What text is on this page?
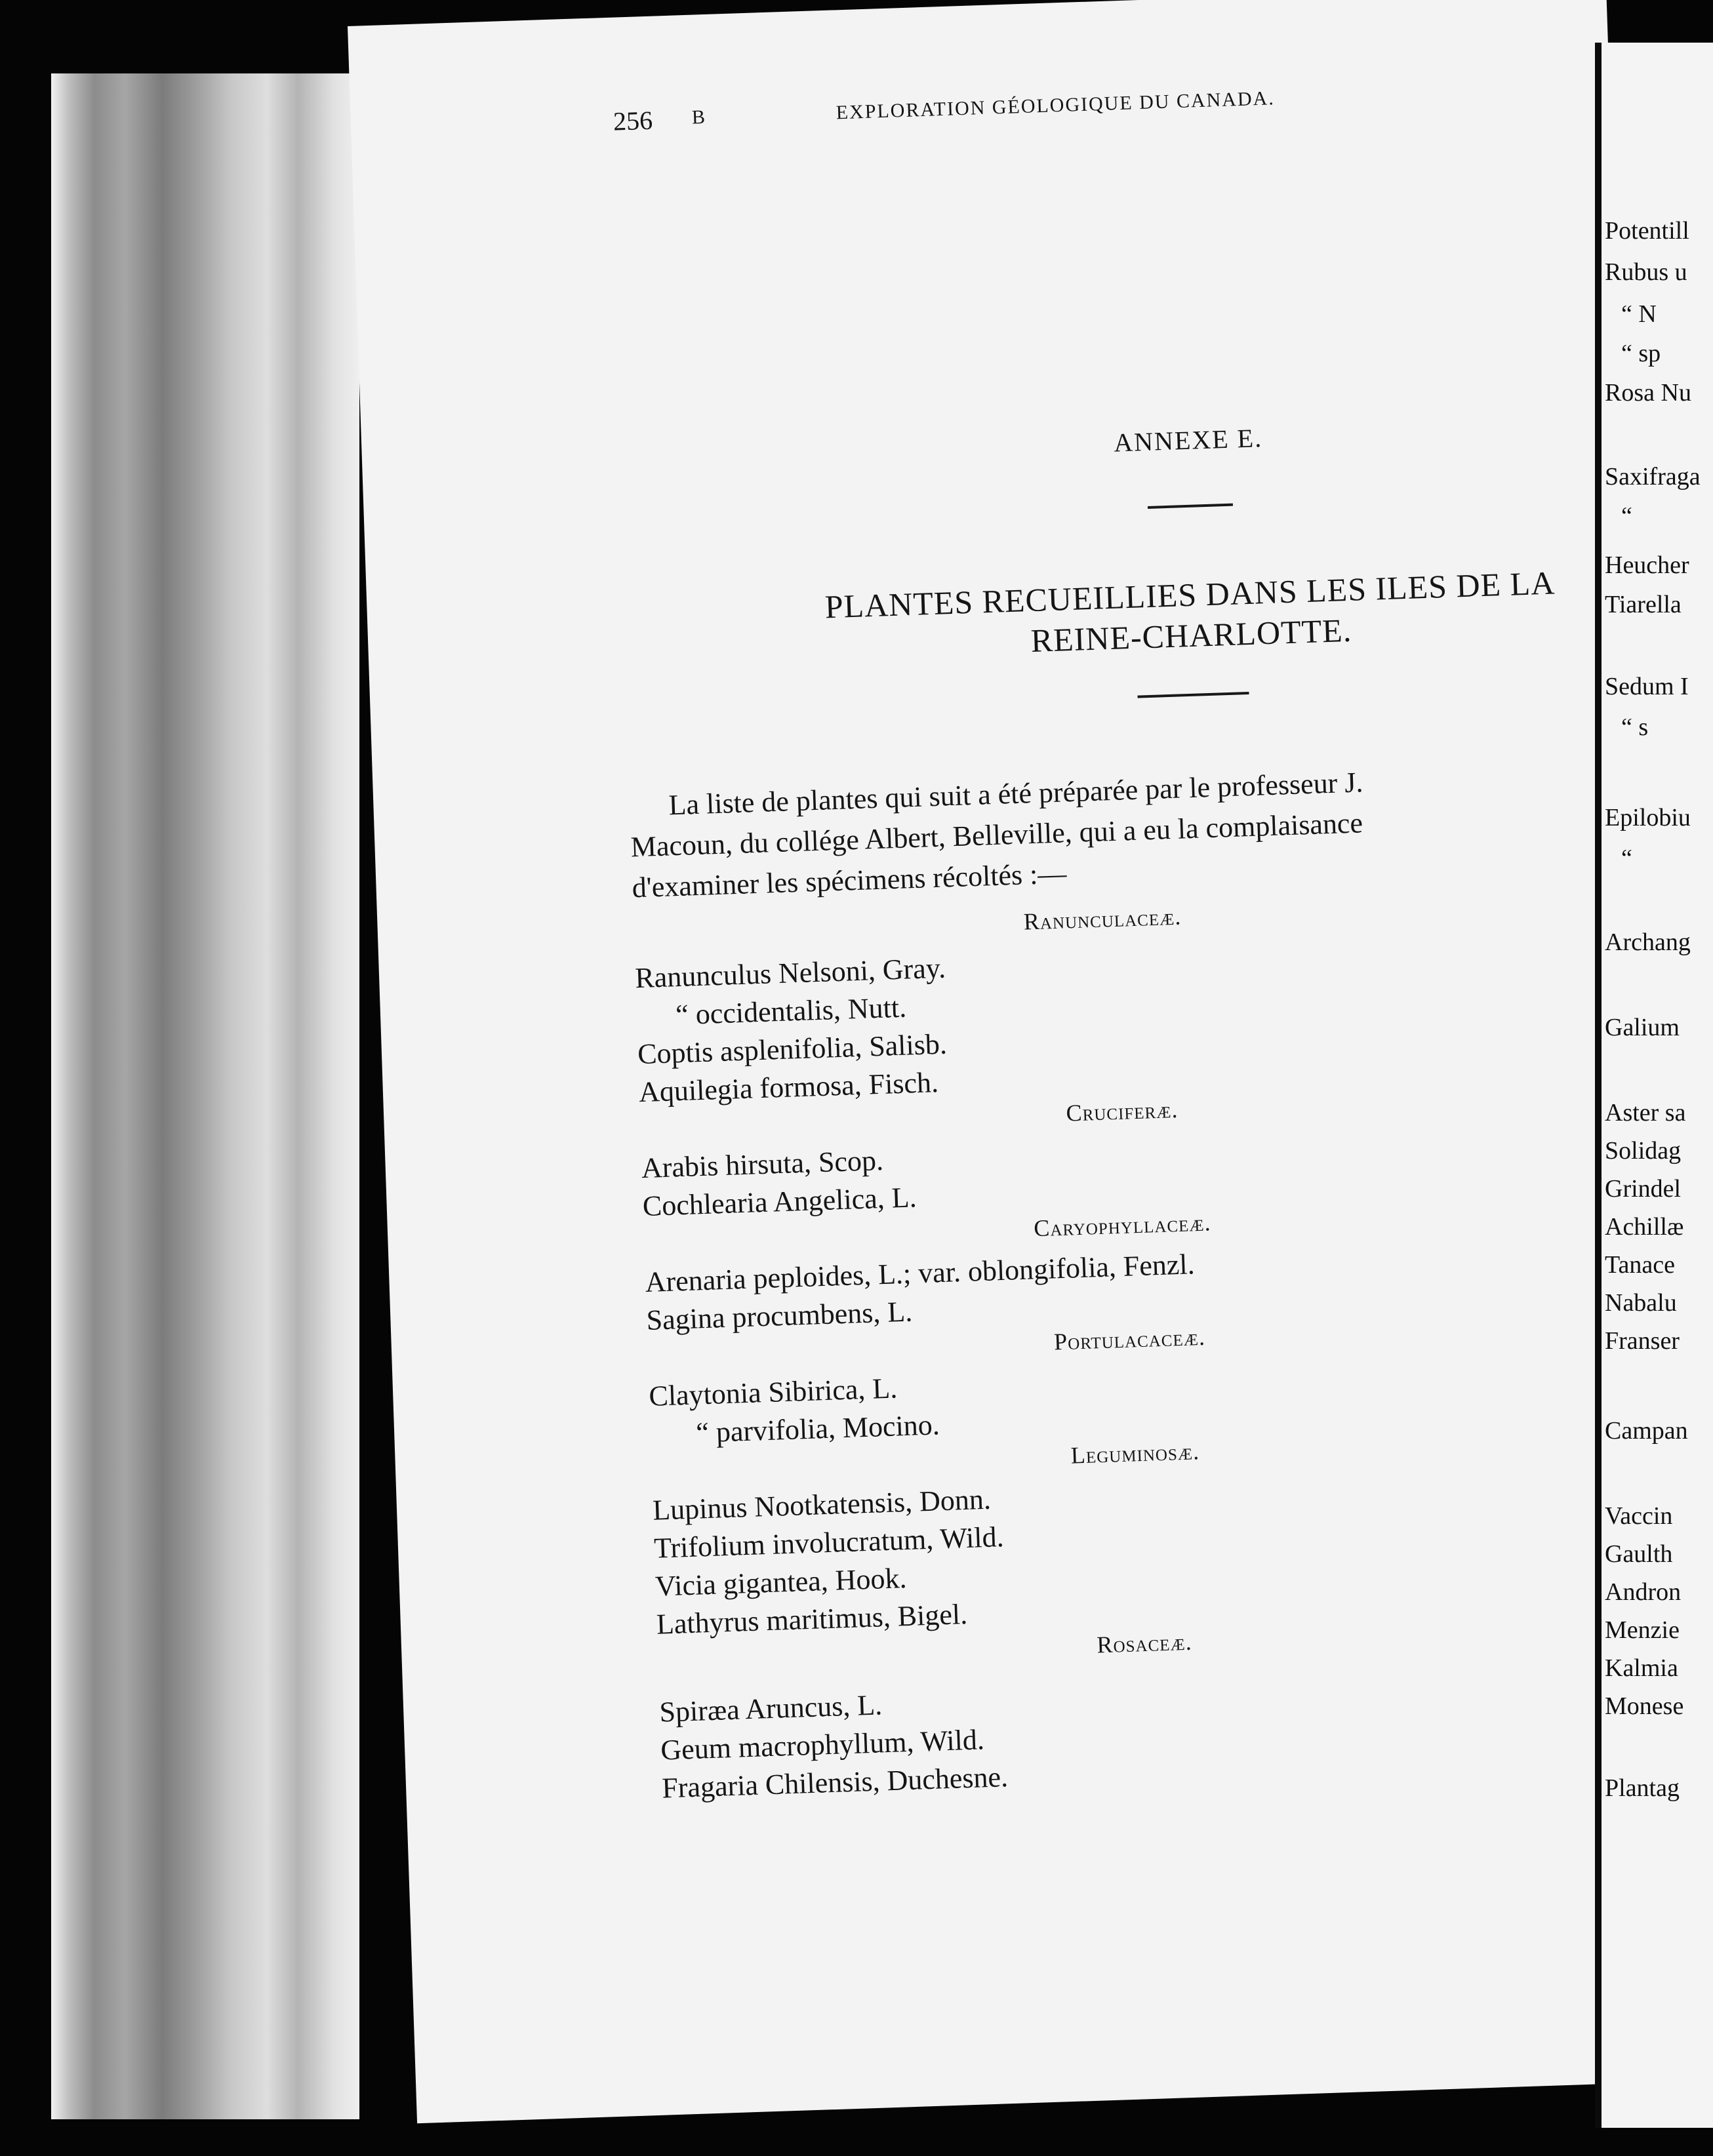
256 B	EXPLORATION GÉOLOGIQUE DU CANADA.
ANNEXE E.
PLANTES RECUEILLIES DANS LES ILES DE LA
REINE-CHARLOTTE.
La liste de plantes qui suit a été préparée par le professeur J.
Macoun, du collége Albert, Belleville, qui a eu la complaisance
d'examiner les spécimens récoltés :—
Ranunculaceæ.
Ranunculus Nelsoni, Gray.
“ occidentalis, Nutt.
Coptis asplenifolia, Salisb.
Aquilegia formosa, Fisch.
Cruciferæ.
Arabis hirsuta, Scop.
Cochlearia Angelica, L.
Caryophyllaceæ.
Arenaria peploides, L.; var. oblongifolia, Fenzl.
Sagina procumbens, L.
Portulacaceæ.
Claytonia Sibirica, L.
“ parvifolia, Mocino.
Leguminosæ.
Lupinus Nootkatensis, Donn.
Trifolium involucratum, Wild.
Vicia gigantea, Hook.
Lathyrus maritimus, Bigel.
Rosaceæ.
Spiræa Aruncus, L.
Geum macrophyllum, Wild.
Fragaria Chilensis, Duchesne.
Potentill
Rubus u
“ N
“ sp
Rosa Nu
Saxifraga
“
Heucher
Tiarella
Sedum I
“ s
Epilobiu
“
Archang
Galium
Aster sa
Solidag
Grindel
Achillæ
Tanace
Nabalu
Franser
Campan
Vaccin
Gaulth
Andron
Menzie
Kalmia
Monese
Plantag
